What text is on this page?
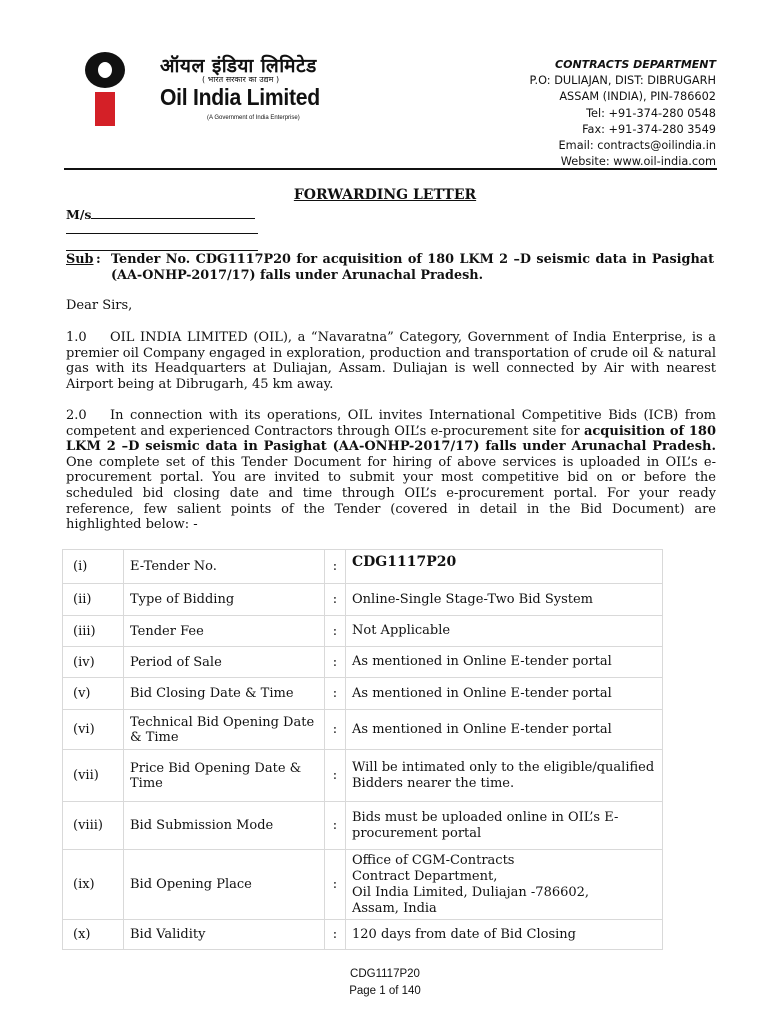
ऑयल इंडिया लिमिटेड
( भारत सरकार का उद्यम )
Oil India Limited
(A Government of India Enterprise)
CONTRACTS DEPARTMENT
P.O: DULIAJAN, DIST: DIBRUGARH
ASSAM (INDIA), PIN-786602
Tel: +91-374-280 0548
Fax: +91-374-280 3549
Email: contracts@oilindia.in
Website: www.oil-india.com
FORWARDING LETTER
M/s
Sub : Tender No. CDG1117P20 for acquisition of 180 LKM 2 –D seismic data in Pasighat (AA-ONHP-2017/17) falls under Arunachal Pradesh.
Dear Sirs,
1.0 OIL INDIA LIMITED (OIL), a “Navaratna” Category, Government of India Enterprise, is a premier oil Company engaged in exploration, production and transportation of crude oil & natural gas with its Headquarters at Duliajan, Assam. Duliajan is well connected by Air with nearest Airport being at Dibrugarh, 45 km away.
2.0 In connection with its operations, OIL invites International Competitive Bids (ICB) from competent and experienced Contractors through OIL’s e-procurement site for acquisition of 180 LKM 2 –D seismic data in Pasighat (AA-ONHP-2017/17) falls under Arunachal Pradesh. One complete set of this Tender Document for hiring of above services is uploaded in OIL’s e-procurement portal. You are invited to submit your most competitive bid on or before the scheduled bid closing date and time through OIL’s e-procurement portal. For your ready reference, few salient points of the Tender (covered in detail in the Bid Document) are highlighted below: -
(i)	E-Tender No.	:	CDG1117P20
(ii)	Type of Bidding	:	Online-Single Stage-Two Bid System
(iii)	Tender Fee	:	Not Applicable
(iv)	Period of Sale	:	As mentioned in Online E-tender portal
(v)	Bid Closing Date & Time	:	As mentioned in Online E-tender portal
(vi)	Technical Bid Opening Date & Time	:	As mentioned in Online E-tender portal
(vii)	Price Bid Opening Date & Time	:	Will be intimated only to the eligible/qualified Bidders nearer the time.
(viii)	Bid Submission Mode	:	Bids must be uploaded online in OIL’s E-procurement portal
(ix)	Bid Opening Place	:	Office of CGM-Contracts
Contract Department,
Oil India Limited, Duliajan -786602,
Assam, India

(x)	Bid Validity	:	120 days from date of Bid Closing
CDG1117P20
Page 1 of 140
